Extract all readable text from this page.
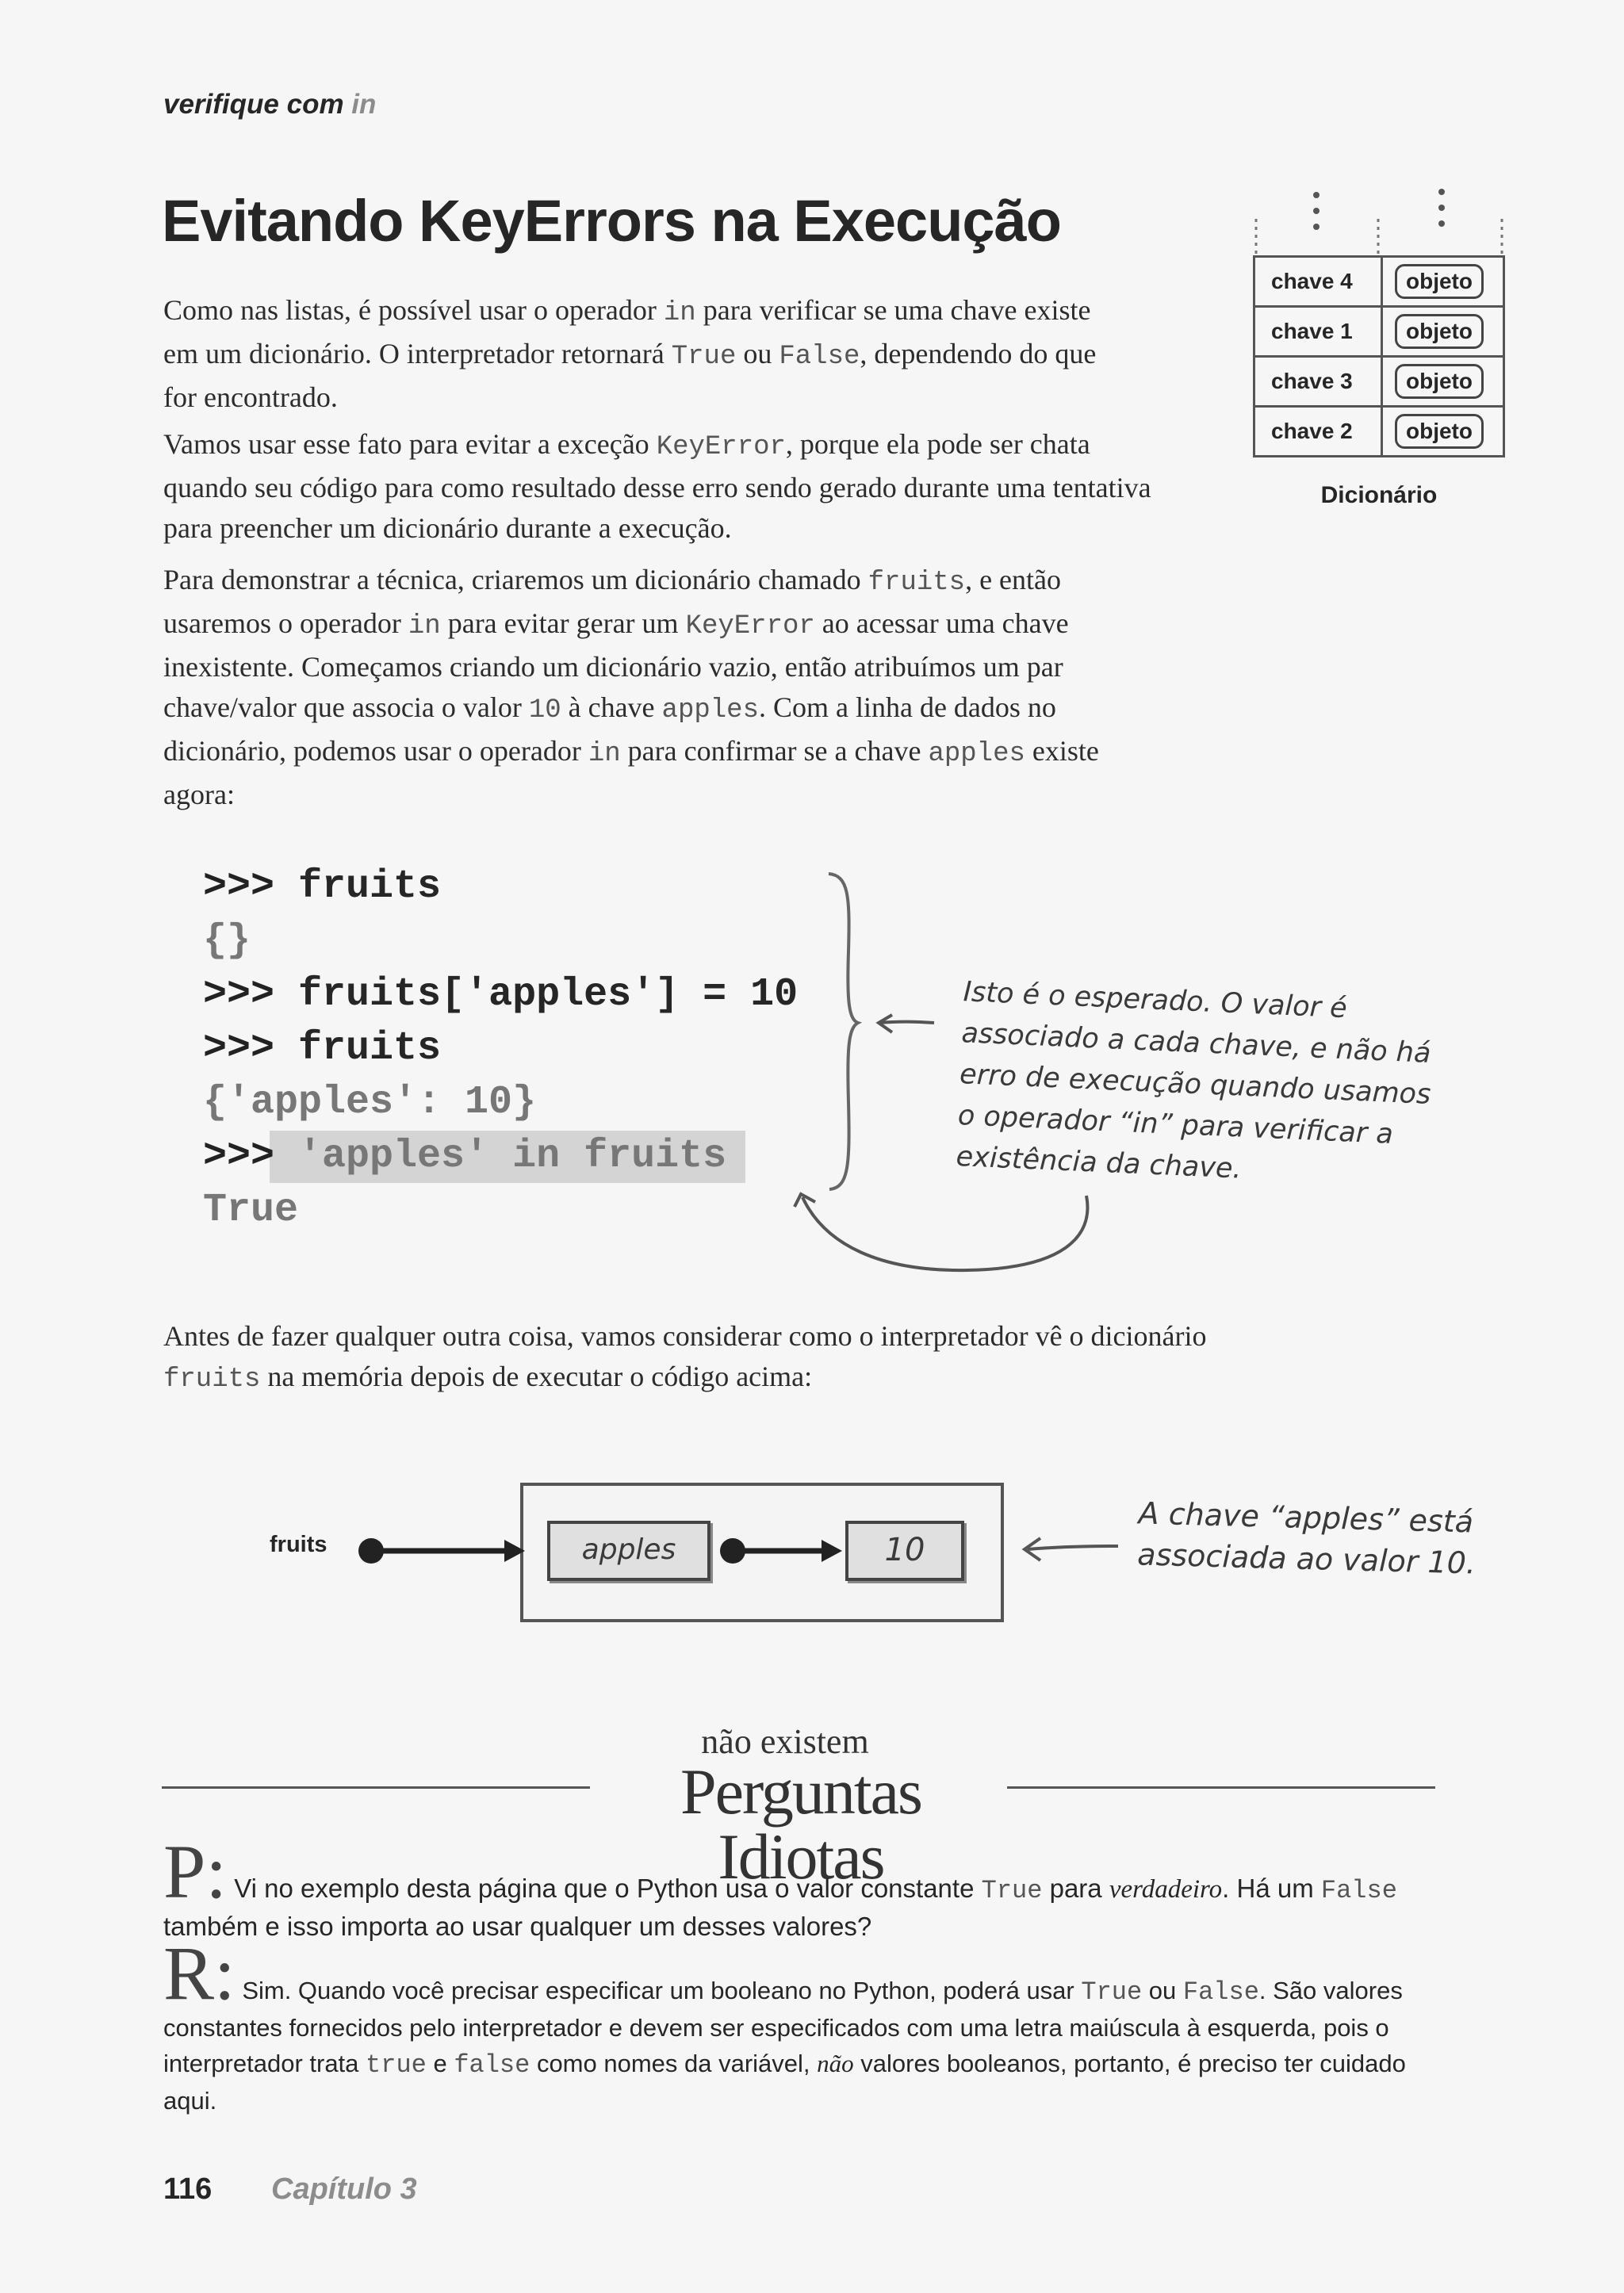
verifique com in
Evitando KeyErrors na Execução
chave 4	objeto
chave 1	objeto
chave 3	objeto
chave 2	objeto
Dicionário

Como nas listas, é possível usar o operador in para verificar se uma chave existe em um dicionário. O interpretador retornará True ou False, dependendo do que for encontrado.

Vamos usar esse fato para evitar a exceção KeyError, porque ela pode ser chata quando seu código para como resultado desse erro sendo gerado durante uma tentativa para preencher um dicionário durante a execução.

Para demonstrar a técnica, criaremos um dicionário chamado fruits, e então usaremos o operador in para evitar gerar um KeyError ao acessar uma chave inexistente. Começamos criando um dicionário vazio, então atribuímos um par chave/valor que associa o valor 10 à chave apples. Com a linha de dados no dicionário, podemos usar o operador in para confirmar se a chave apples existe agora:

>>> fruits
{}
>>> fruits['apples'] = 10
>>> fruits
{'apples': 10}
>>> 'apples' in fruits
True
Isto é o esperado. O valor é
associado a cada chave, e não há
erro de execução quando usamos
o operador “in” para verificar a
existência da chave.

Antes de fazer qualquer outra coisa, vamos considerar como o interpretador vê o dicionário fruits na memória depois de executar o código acima:

fruits	apples	10
A chave “apples” está
associada ao valor 10.
não existem
Perguntas Idiotas
P: Vi no exemplo desta página que o Python usa o valor constante True para verdadeiro. Há um False também e isso importa ao usar qualquer um desses valores?
R: Sim. Quando você precisar especificar um booleano no Python, poderá usar True ou False. São valores constantes fornecidos pelo interpretador e devem ser especificados com uma letra maiúscula à esquerda, pois o interpretador trata true e false como nomes da variável, não valores booleanos, portanto, é preciso ter cuidado aqui.
116 Capítulo 3
